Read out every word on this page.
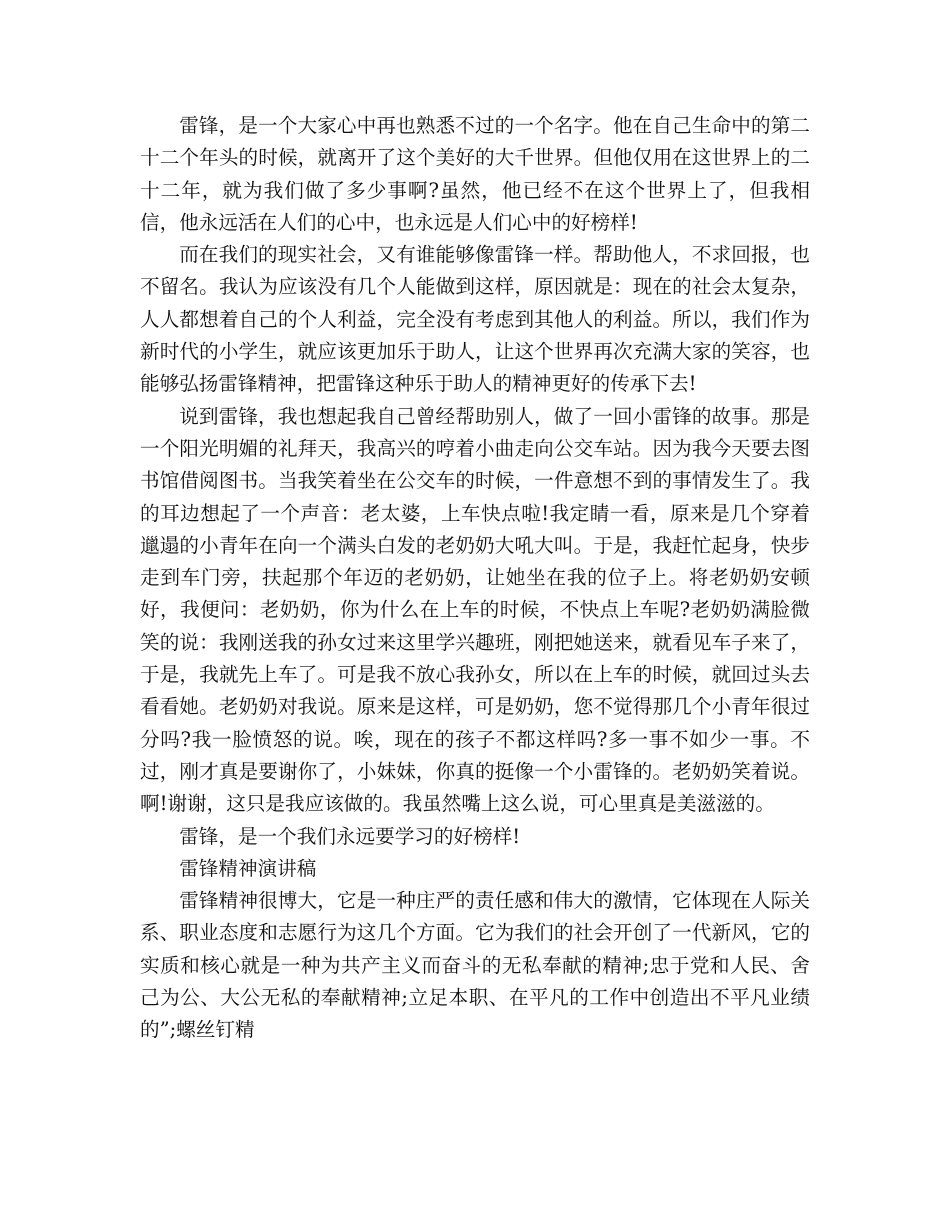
雷锋，是一个大家心中再也熟悉不过的一个名字。他在自己生命中的第二十二个年头的时候，就离开了这个美好的大千世界。但他仅用在这世界上的二十二年，就为我们做了多少事啊?虽然，他已经不在这个世界上了，但我相信，他永远活在人们的心中，也永远是人们心中的好榜样!

而在我们的现实社会，又有谁能够像雷锋一样。帮助他人，不求回报，也不留名。我认为应该没有几个人能做到这样，原因就是：现在的社会太复杂，人人都想着自己的个人利益，完全没有考虑到其他人的利益。所以，我们作为新时代的小学生，就应该更加乐于助人，让这个世界再次充满大家的笑容，也能够弘扬雷锋精神，把雷锋这种乐于助人的精神更好的传承下去!

说到雷锋，我也想起我自己曾经帮助别人，做了一回小雷锋的故事。那是一个阳光明媚的礼拜天，我高兴的哼着小曲走向公交车站。因为我今天要去图书馆借阅图书。当我笑着坐在公交车的时候，一件意想不到的事情发生了。我的耳边想起了一个声音：老太婆，上车快点啦!我定睛一看，原来是几个穿着邋遢的小青年在向一个满头白发的老奶奶大吼大叫。于是，我赶忙起身，快步走到车门旁，扶起那个年迈的老奶奶，让她坐在我的位子上。将老奶奶安顿好，我便问：老奶奶，你为什么在上车的时候，不快点上车呢?老奶奶满脸微笑的说：我刚送我的孙女过来这里学兴趣班，刚把她送来，就看见车子来了，于是，我就先上车了。可是我不放心我孙女，所以在上车的时候，就回过头去看看她。老奶奶对我说。原来是这样，可是奶奶，您不觉得那几个小青年很过分吗?我一脸愤怒的说。唉，现在的孩子不都这样吗?多一事不如少一事。不过，刚才真是要谢你了，小妹妹，你真的挺像一个小雷锋的。老奶奶笑着说。啊!谢谢，这只是我应该做的。我虽然嘴上这么说，可心里真是美滋滋的。

雷锋，是一个我们永远要学习的好榜样!

雷锋精神演讲稿

雷锋精神很博大，它是一种庄严的责任感和伟大的激情，它体现在人际关系、职业态度和志愿行为这几个方面。它为我们的社会开创了一代新风，它的实质和核心就是一种为共产主义而奋斗的无私奉献的精神;忠于党和人民、舍己为公、大公无私的奉献精神;立足本职、在平凡的工作中创造出不平凡业绩的”;螺丝钉精
